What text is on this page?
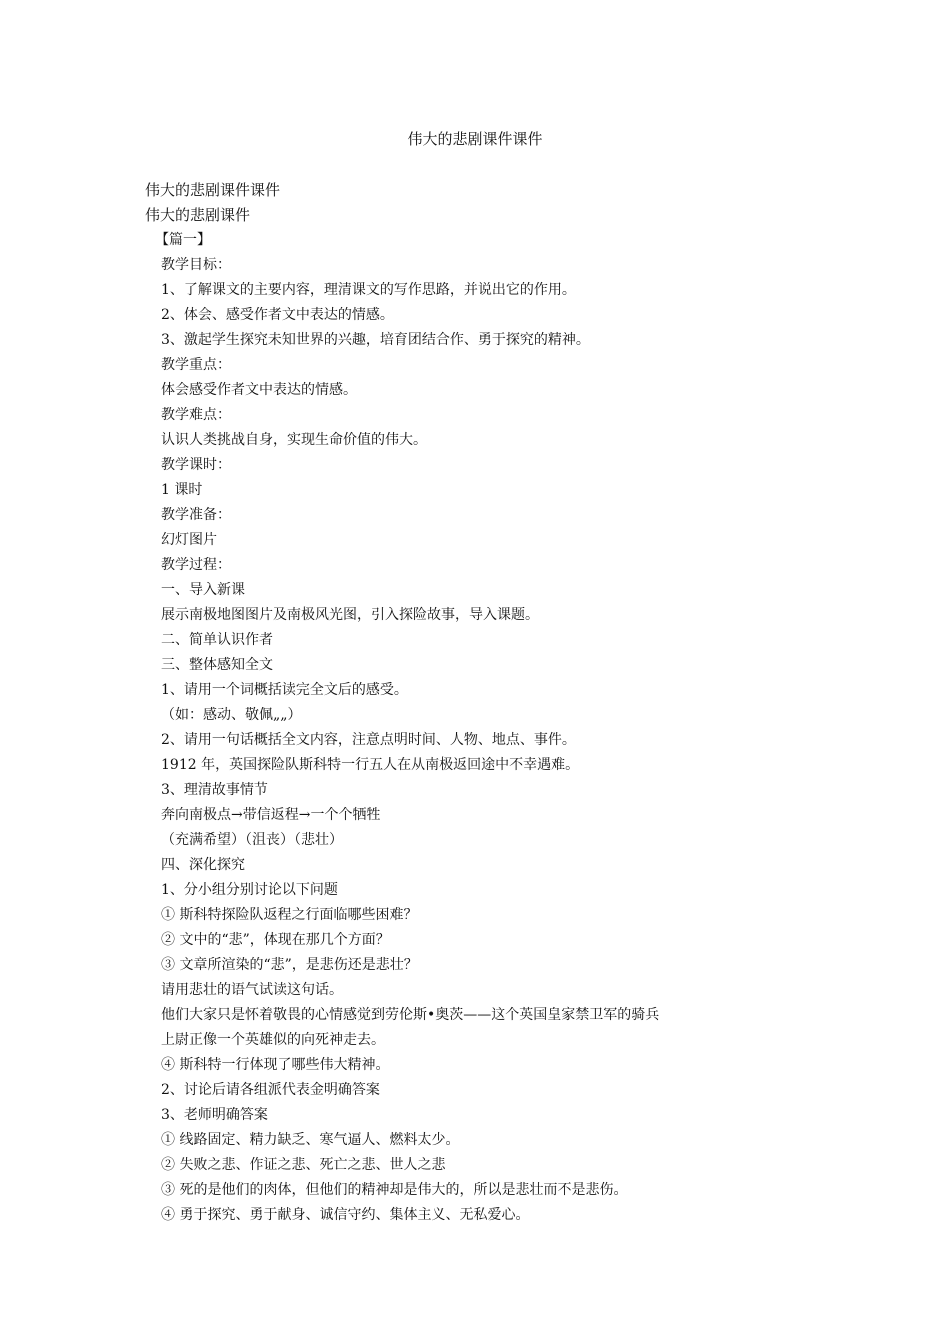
伟大的悲剧课件课件
伟大的悲剧课件课件
伟大的悲剧课件
【篇一】
教学目标：
1、了解课文的主要内容，理清课文的写作思路，并说出它的作用。
2、体会、感受作者文中表达的情感。
3、激起学生探究未知世界的兴趣，培育团结合作、勇于探究的精神。
教学重点：
体会感受作者文中表达的情感。
教学难点：
认识人类挑战自身，实现生命价值的伟大。
教学课时：
1 课时
教学准备：
幻灯图片
教学过程：
一、导入新课
展示南极地图图片及南极风光图，引入探险故事，导入课题。
二、简单认识作者
三、整体感知全文
1、请用一个词概括读完全文后的感受。
（如：感动、敬佩„„）
2、请用一句话概括全文内容，注意点明时间、人物、地点、事件。
1912 年，英国探险队斯科特一行五人在从南极返回途中不幸遇难。
3、理清故事情节
奔向南极点→带信返程→一个个牺牲
（充满希望）（沮丧）（悲壮）
四、深化探究
1、分小组分别讨论以下问题
① 斯科特探险队返程之行面临哪些困难？
② 文中的“悲”，体现在那几个方面？
③ 文章所渲染的“悲”，是悲伤还是悲壮？
请用悲壮的语气试读这句话。
他们大家只是怀着敬畏的心情感觉到劳伦斯•奥茨——这个英国皇家禁卫军的骑兵
上尉正像一个英雄似的向死神走去。
④ 斯科特一行体现了哪些伟大精神。
2、讨论后请各组派代表金明确答案
3、老师明确答案
① 线路固定、精力缺乏、寒气逼人、燃料太少。
② 失败之悲、作证之悲、死亡之悲、世人之悲
③ 死的是他们的肉体，但他们的精神却是伟大的，所以是悲壮而不是悲伤。
④ 勇于探究、勇于献身、诚信守约、集体主义、无私爱心。
